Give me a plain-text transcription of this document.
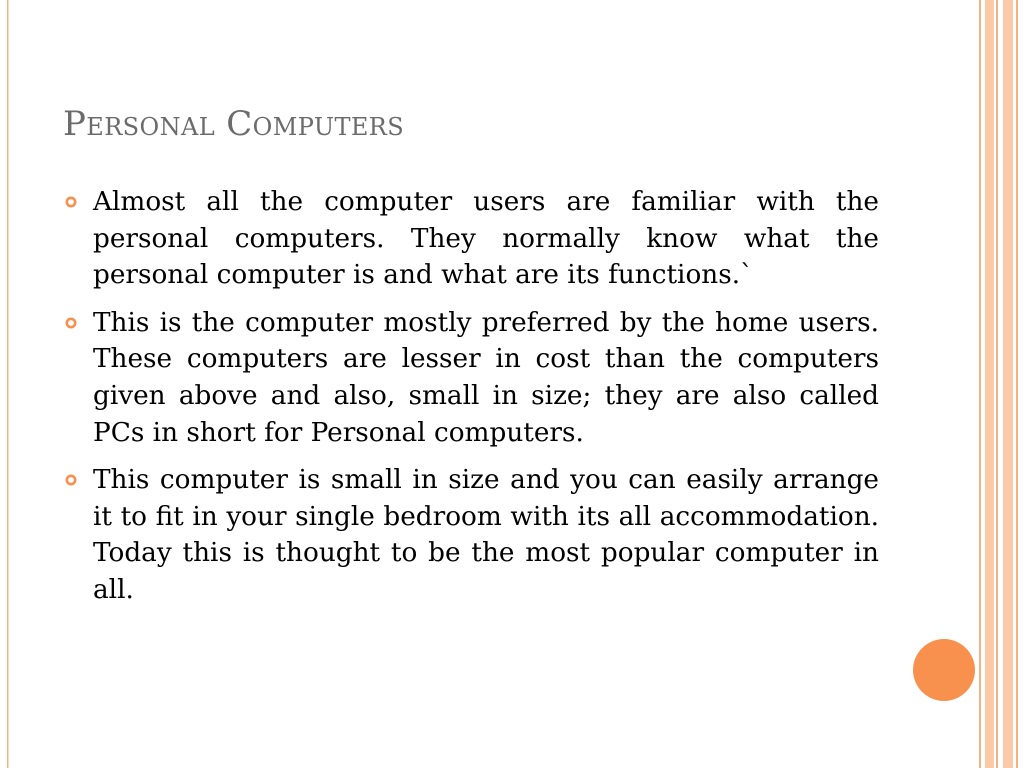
Personal Computers
Almost all the computer users are familiar with the personal computers. They normally know what the personal computer is and what are its functions.`
This is the computer mostly preferred by the home users. These computers are lesser in cost than the computers given above and also, small in size; they are also called PCs in short for Personal computers.
This computer is small in size and you can easily arrange it to fit in your single bedroom with its all accommodation. Today this is thought to be the most popular computer in all.
